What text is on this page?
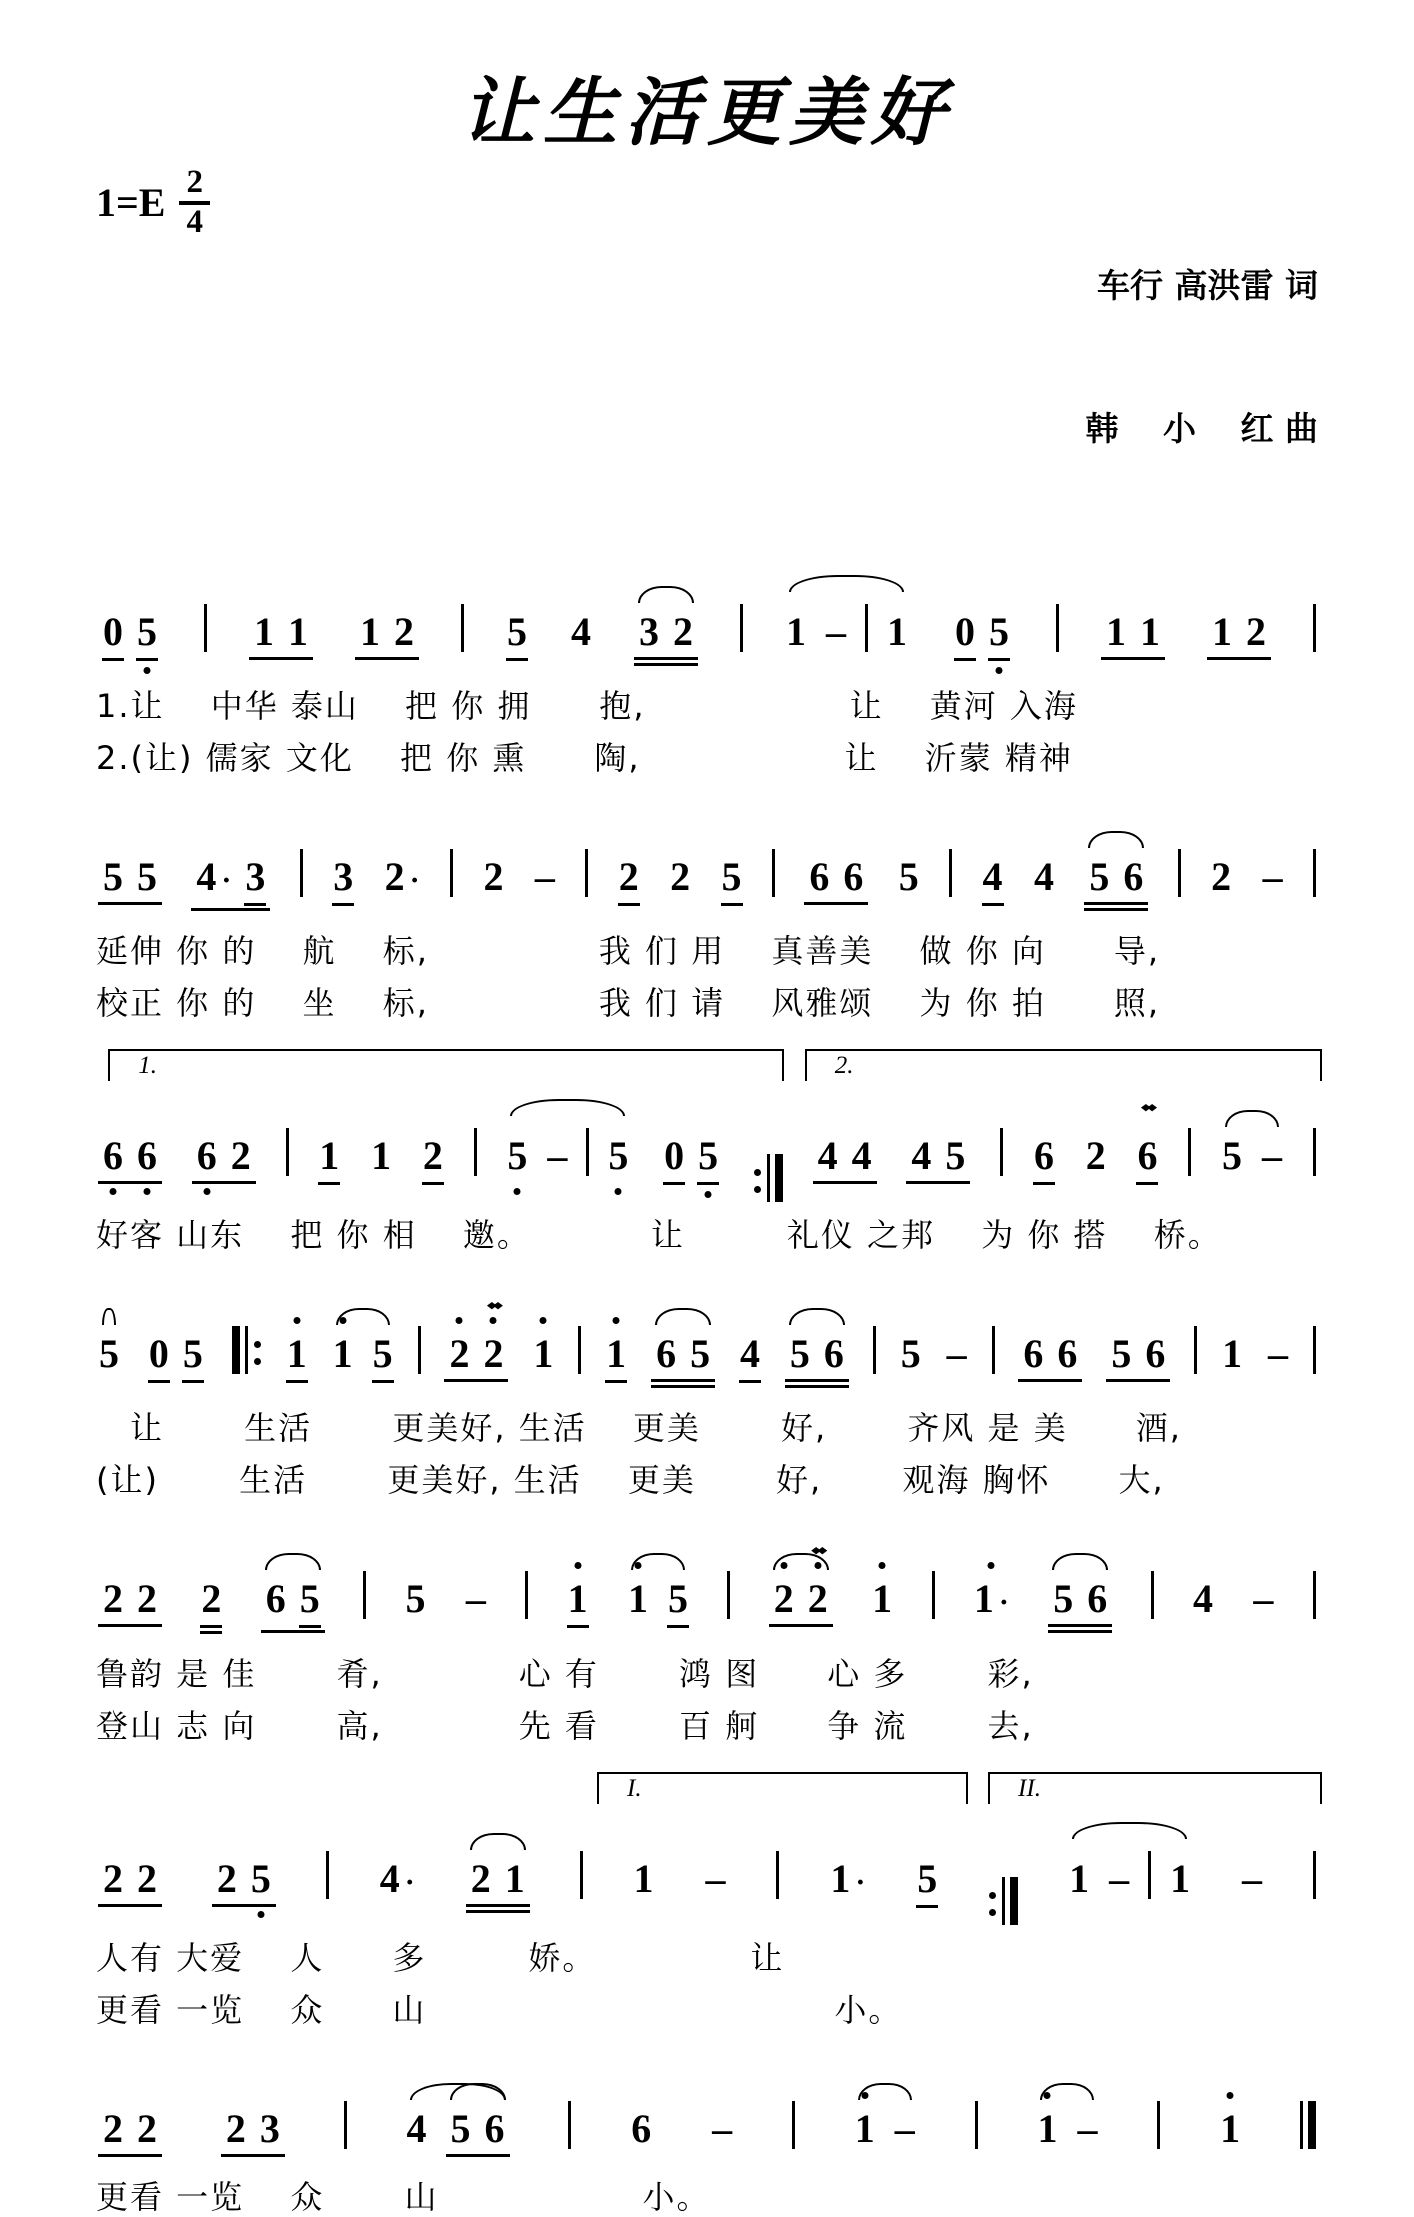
让生活更美好
$1=E \frac{2}{4}$

车行 高洪雷 词

韩　 小　 红 曲

0 5 1 1 1 2 5 4 3 2 1 – 1 0 5 1 1 1 2
1.让　 中华 泰山　 把 你 拥　　抱,　　　　　　让　 黄河 入海
2.(让) 儒家 文化　 把 你 熏　　陶,　　　　　　让　 沂蒙 精神
5 5 4 · 3 3 2 · 2 – 2 2 5 6 6 5 4 4 5 6 2 –
延伸 你 的　 航　 标,　　　　　我 们 用　 真善美　 做 你 向　　导,
校正 你 的　 坐　 标,　　　　　我 们 请　 风雅颂　 为 你 拍　　照,
1.	2.
6 6 6 2 1 1 2 5 – 5 0 5 4 4 4 5 6 2
◆◆
6 5 –
好客 山东　 把 你 相　 邀。　　　　让　　　礼仪 之邦　 为 你 搭　 桥。
5 0 5 1 1 5 2
◆◆
2 1 1 6 5 4 5 6 5 – 6 6 5 6 1 –
　让　　 生活　　 更美好, 生活　 更美　　 好,　　 齐风 是 美　　酒,
(让)　　 生活　　 更美好, 生活　 更美　　 好,　　 观海 胸怀　　大,
2 2 2 6 5 5 – 1 1 5 2
◆◆
2 1 1 · 5 6 4 –
鲁韵 是 佳　　 肴,　　　　心 有　　 鸿 图　　心 多　　 彩,
登山 志 向　　 高,　　　　先 看　　 百 舸　　争 流　　 去,
I.	II.
2 2 2 5	4 · 2 1	1 –	1 · 5	1 – 1 –
人有 大爱　 人　　多　　　娇。　　　　　让
更看 一览　 众　　山　　　　　　　　　　　　小。
2 2 2 3	4 5 6	6 –	1 –	1 –	1
更看 一览　 众　　 山　　　　　　小。
